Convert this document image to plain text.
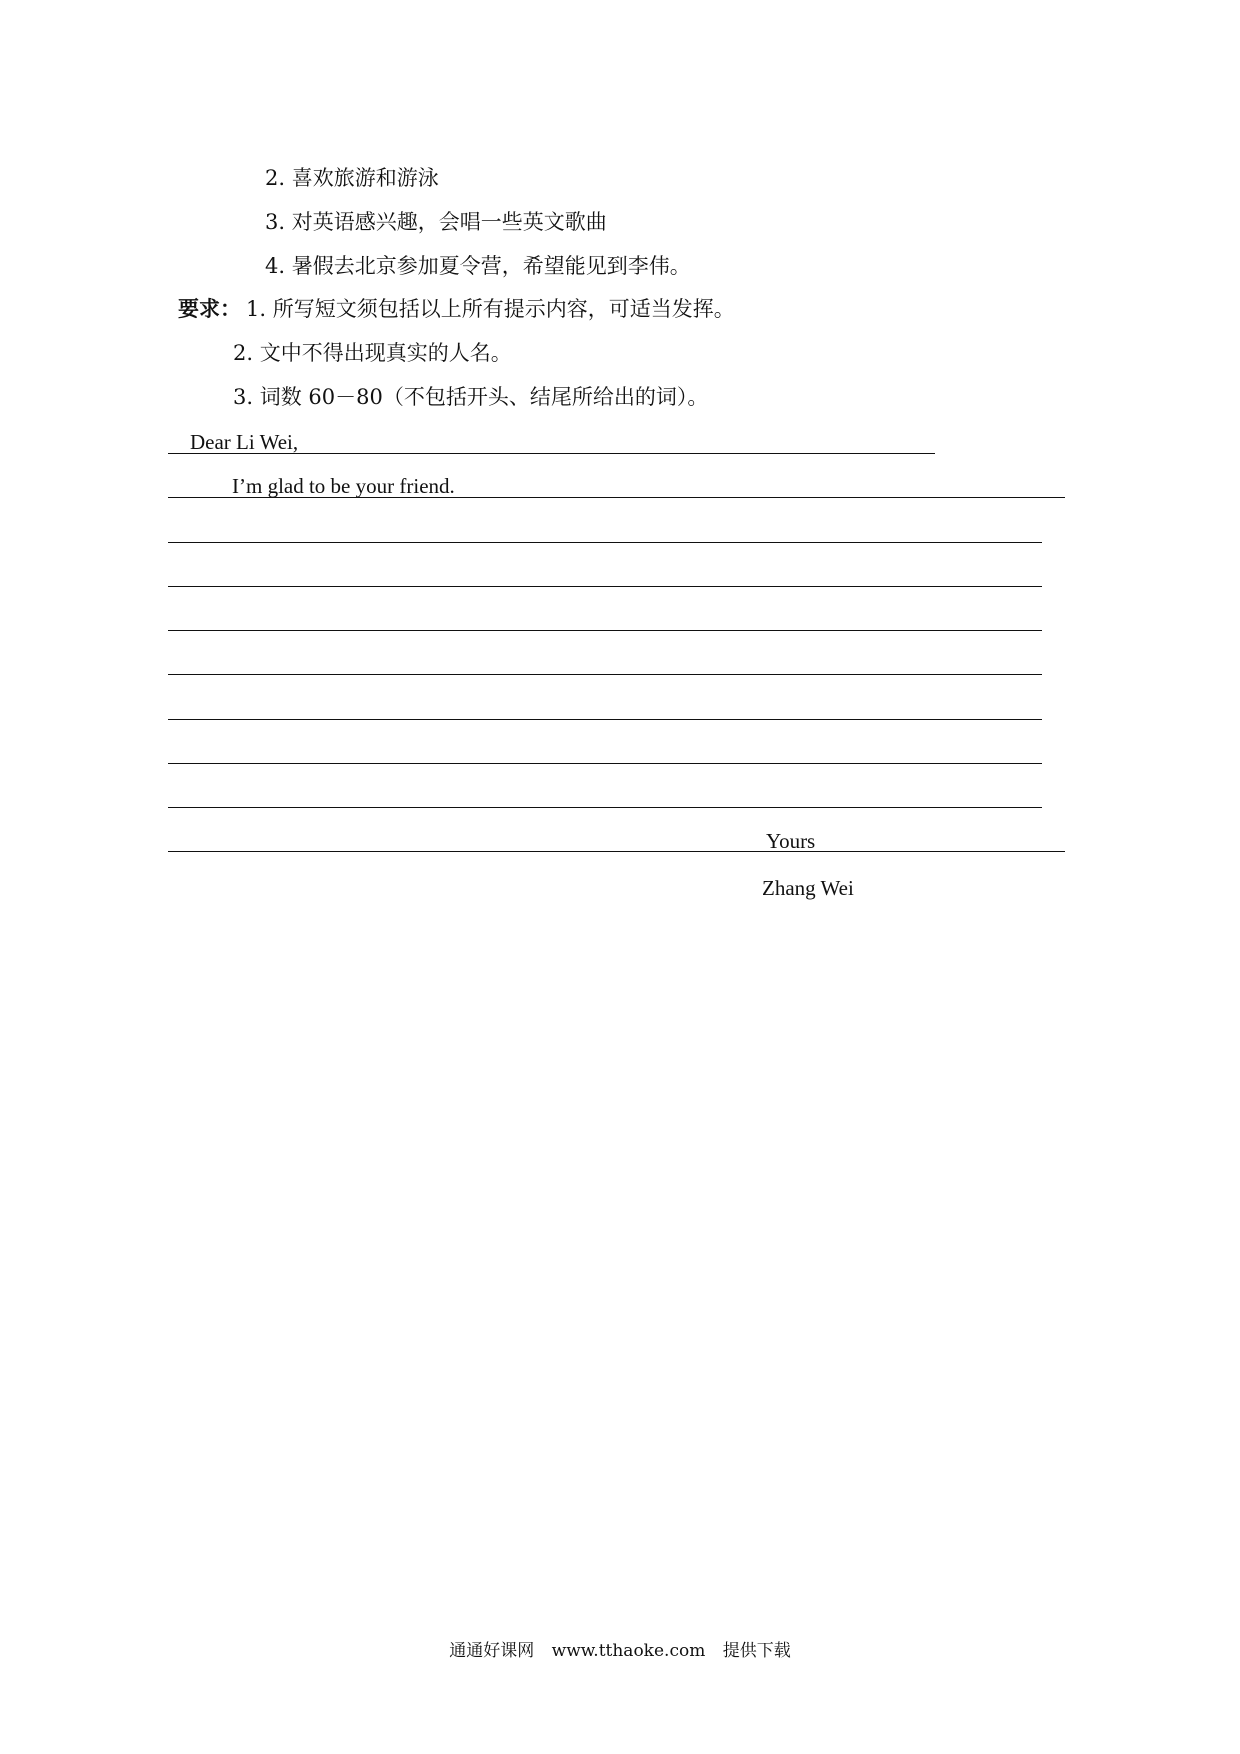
2. 喜欢旅游和游泳
3. 对英语感兴趣，会唱一些英文歌曲
4. 暑假去北京参加夏令营，希望能见到李伟。
要求： 1. 所写短文须包括以上所有提示内容，可适当发挥。
2. 文中不得出现真实的人名。
3. 词数 60－80（不包括开头、结尾所给出的词）。
Dear Li Wei,
I’m glad to be your friend.
Yours
Zhang Wei
通通好课网 www.tthaoke.com 提供下载
